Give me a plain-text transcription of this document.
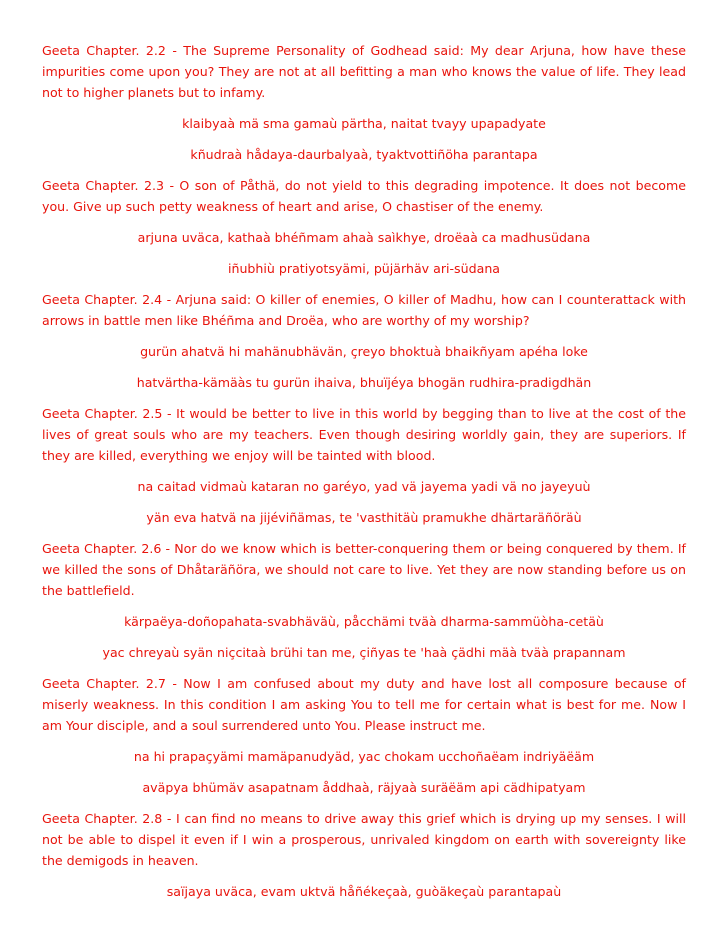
Geeta Chapter. 2.2 - The Supreme Personality of Godhead said: My dear Arjuna, how have these impurities come upon you? They are not at all befitting a man who knows the value of life. They lead not to higher planets but to infamy.

klaibyaà mä sma gamaù pärtha, naitat tvayy upapadyate

kñudraà hådaya-daurbalyaà, tyaktvottiñöha parantapa

Geeta Chapter. 2.3 - O son of Påthä, do not yield to this degrading impotence. It does not become you. Give up such petty weakness of heart and arise, O chastiser of the enemy.

arjuna uväca, kathaà bhéñmam ahaà saìkhye, droëaà ca madhusüdana

iñubhiù pratiyotsyämi, püjärhäv ari-südana

Geeta Chapter. 2.4 - Arjuna said: O killer of enemies, O killer of Madhu, how can I counterattack with arrows in battle men like Bhéñma and Droëa, who are worthy of my worship?

gurün ahatvä hi mahänubhävän, çreyo bhoktuà bhaikñyam apéha loke

hatvärtha-kämäàs tu gurün ihaiva, bhuïjéya bhogän rudhira-pradigdhän

Geeta Chapter. 2.5 - It would be better to live in this world by begging than to live at the cost of the lives of great souls who are my teachers. Even though desiring worldly gain, they are superiors. If they are killed, everything we enjoy will be tainted with blood.

na caitad vidmaù kataran no garéyo, yad vä jayema yadi vä no jayeyuù

yän eva hatvä na jijéviñämas, te 'vasthitäù pramukhe dhärtaräñöräù

Geeta Chapter. 2.6 - Nor do we know which is better-conquering them or being conquered by them. If we killed the sons of Dhåtaräñöra, we should not care to live. Yet they are now standing before us on the battlefield.

kärpaëya-doñopahata-svabhäväù, påcchämi tväà dharma-sammüòha-cetäù

yac chreyaù syän niçcitaà brühi tan me, çiñyas te 'haà çädhi mäà tväà prapannam

Geeta Chapter. 2.7 - Now I am confused about my duty and have lost all composure because of miserly weakness. In this condition I am asking You to tell me for certain what is best for me. Now I am Your disciple, and a soul surrendered unto You. Please instruct me.

na hi prapaçyämi mamäpanudyäd, yac chokam ucchoñaëam indriyäëäm

aväpya bhümäv asapatnam åddhaà, räjyaà suräëäm api cädhipatyam

Geeta Chapter. 2.8 - I can find no means to drive away this grief which is drying up my senses. I will not be able to dispel it even if I win a prosperous, unrivaled kingdom on earth with sovereignty like the demigods in heaven.

saïjaya uväca, evam uktvä håñékeçaà, guòäkeçaù parantapaù
